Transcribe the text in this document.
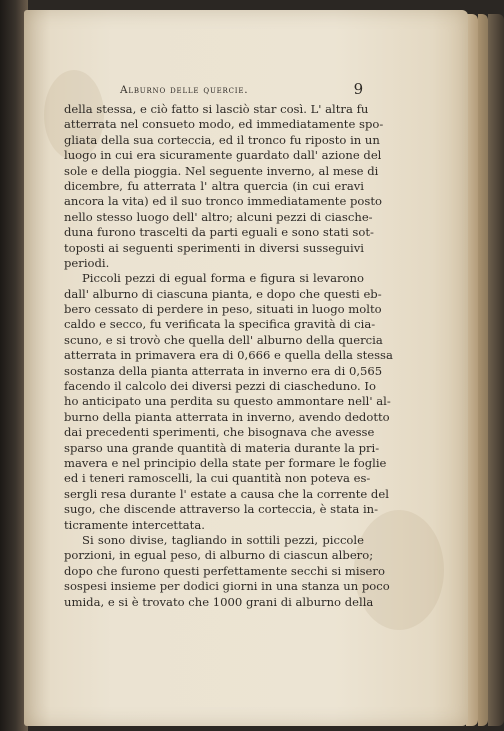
Alburno delle quercie.	9
della stessa, e ciò fatto si lasciò star così. L' altra fu
atterrata nel consueto modo, ed immediatamente spo-
gliata della sua corteccia, ed il tronco fu riposto in un
luogo in cui era sicuramente guardato dall' azione del
sole e della pioggia. Nel seguente inverno, al mese di
dicembre, fu atterrata l' altra quercia (in cui eravi
ancora la vita) ed il suo tronco immediatamente posto
nello stesso luogo dell' altro; alcuni pezzi di ciasche-
duna furono trascelti da parti eguali e sono stati sot-
toposti ai seguenti sperimenti in diversi susseguivi
periodi.
Piccoli pezzi di egual forma e figura si levarono
dall' alburno di ciascuna pianta, e dopo che questi eb-
bero cessato di perdere in peso, situati in luogo molto
caldo e secco, fu verificata la specifica gravità di cia-
scuno, e si trovò che quella dell' alburno della quercia
atterrata in primavera era di 0,666 e quella della stessa
sostanza della pianta atterrata in inverno era di 0,565
facendo il calcolo dei diversi pezzi di ciascheduno. Io
ho anticipato una perdita su questo ammontare nell' al-
burno della pianta atterrata in inverno, avendo dedotto
dai precedenti sperimenti, che bisognava che avesse
sparso una grande quantità di materia durante la pri-
mavera e nel principio della state per formare le foglie
ed i teneri ramoscelli, la cui quantità non poteva es-
sergli resa durante l' estate a causa che la corrente del
sugo, che discende attraverso la corteccia, è stata in-
ticramente intercettata.
Si sono divise, tagliando in sottili pezzi, piccole
porzioni, in egual peso, di alburno di ciascun albero;
dopo che furono questi perfettamente secchi si misero
sospesi insieme per dodici giorni in una stanza un poco
umida, e si è trovato che 1000 grani di alburno della
